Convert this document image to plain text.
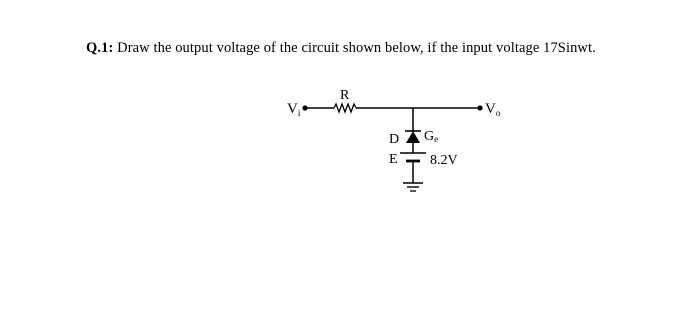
Q.1: Draw the output voltage of the circuit shown below, if the input voltage 17Sinwt.
$V_i$
R
$V_o$
D Ge
E 8.2V
